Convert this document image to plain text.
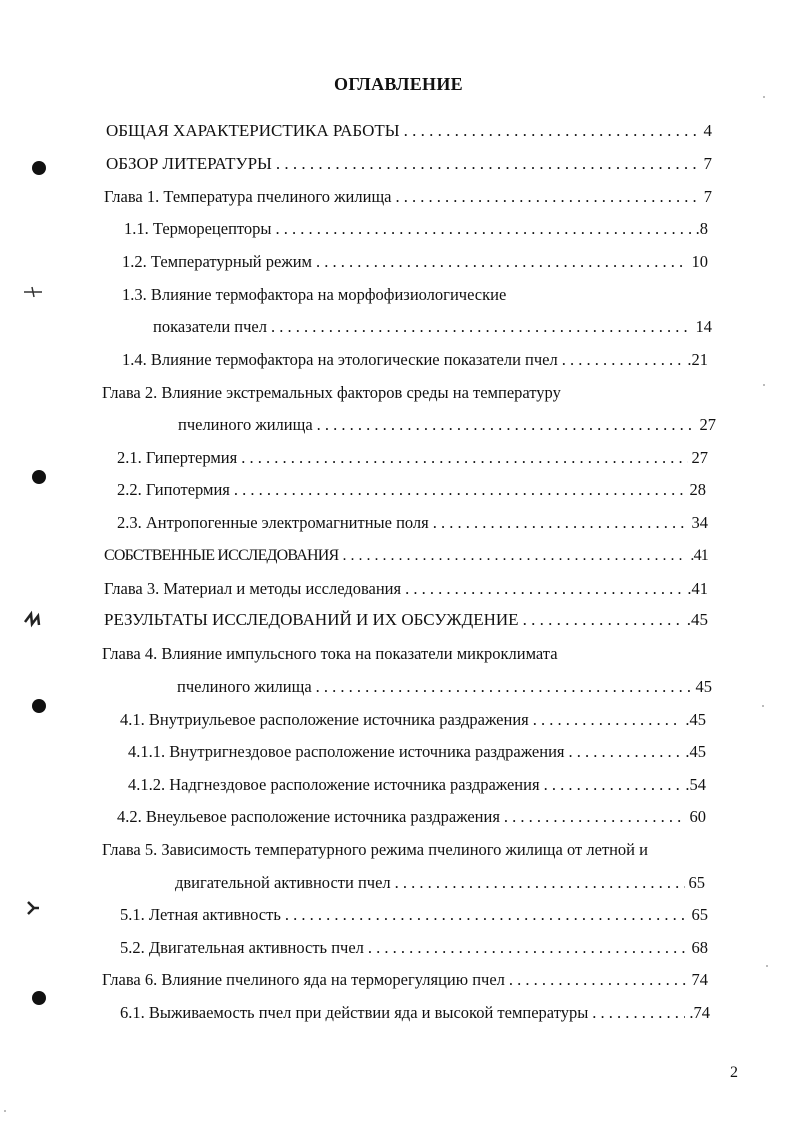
ОГЛАВЛЕНИЕ
ОБЩАЯ ХАРАКТЕРИСТИКА РАБОТЫ . . .	4
ОБЗОР ЛИТЕРАТУРЫ . . .	7
Глава 1. Температура пчелиного жилища . . .	7
1.1. Терморецепторы . . .	.8
1.2. Температурный режим . . .	10
1.3. Влияние термофактора на морфофизиологические
показатели пчел . . .	14
1.4. Влияние термофактора на этологические показатели пчел . . .	.21
Глава 2. Влияние экстремальных факторов среды на температуру
пчелиного жилища . . .	27
2.1. Гипертермия . . .	27
2.2. Гипотермия . . .	28
2.3. Антропогенные электромагнитные поля . . .	34
СОБСТВЕННЫЕ ИССЛЕДОВАНИЯ . . .	.41
Глава 3. Материал и методы исследования . . .	.41
РЕЗУЛЬТАТЫ ИССЛЕДОВАНИЙ И ИХ ОБСУЖДЕНИЕ . . .	.45
Глава 4. Влияние импульсного тока на показатели микроклимата
пчелиного жилища . . .	45
4.1. Внутриульевое расположение источника раздражения . . .	.45
4.1.1. Внутригнездовое расположение источника раздражения . . .	.45
4.1.2. Надгнездовое расположение источника раздражения . . .	.54
4.2. Внеульевое расположение источника раздражения . . .	60
Глава 5. Зависимость температурного режима пчелиного жилища от летной и
двигательной активности пчел . . .	65
5.1. Летная активность . . .	65
5.2. Двигательная активность пчел . . .	68
Глава 6. Влияние пчелиного яда на терморегуляцию пчел . . .	74
6.1. Выживаемость пчел при действии яда и высокой температуры . . .	.74
2
